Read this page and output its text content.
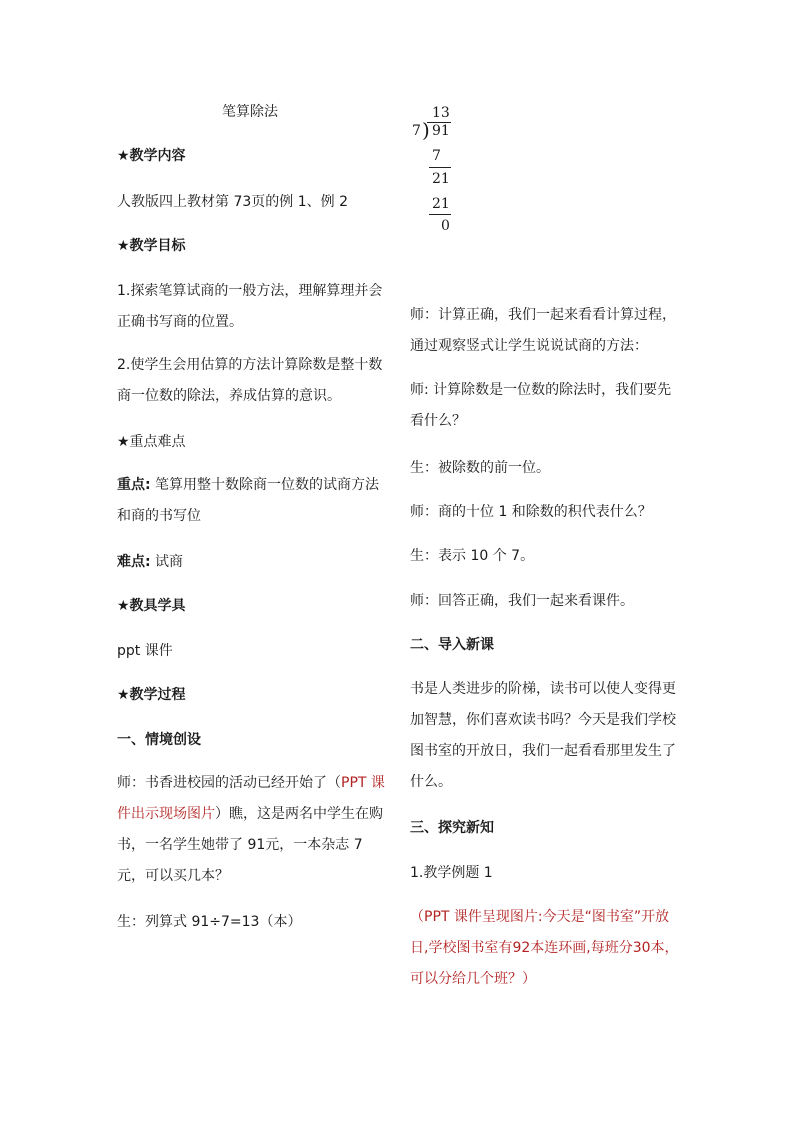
笔算除法
★教学内容
人教版四上教材第 73页的例 1、例 2
★教学目标
1.探索笔算试商的一般方法，理解算理并会正确书写商的位置。
2.使学生会用估算的方法计算除数是整十数商一位数的除法，养成估算的意识。
★重点难点
重点: 笔算用整十数除商一位数的试商方法和商的书写位
难点: 试商
★教具学具
ppt 课件
★教学过程
一、情境创设
师：书香进校园的活动已经开始了（PPT 课件出示现场图片）瞧，这是两名中学生在购书，一名学生她带了 91元，一本杂志 7 元，可以买几本？
生：列算式 91÷7=13（本）
13
7 ) 91
7
21
21
0
师：计算正确，我们一起来看看计算过程，通过观察竖式让学生说说试商的方法：
师: 计算除数是一位数的除法时，我们要先看什么？
生：被除数的前一位。
师：商的十位 1 和除数的积代表什么？
生：表示 10 个 7。
师：回答正确，我们一起来看课件。
二、导入新课
书是人类进步的阶梯，读书可以使人变得更加智慧，你们喜欢读书吗？今天是我们学校图书室的开放日，我们一起看看那里发生了什么。
三、探究新知
1.教学例题 1
（PPT 课件呈现图片:今天是“图书室”开放日,学校图书室有92本连环画,每班分30本，可以分给几个班？）
